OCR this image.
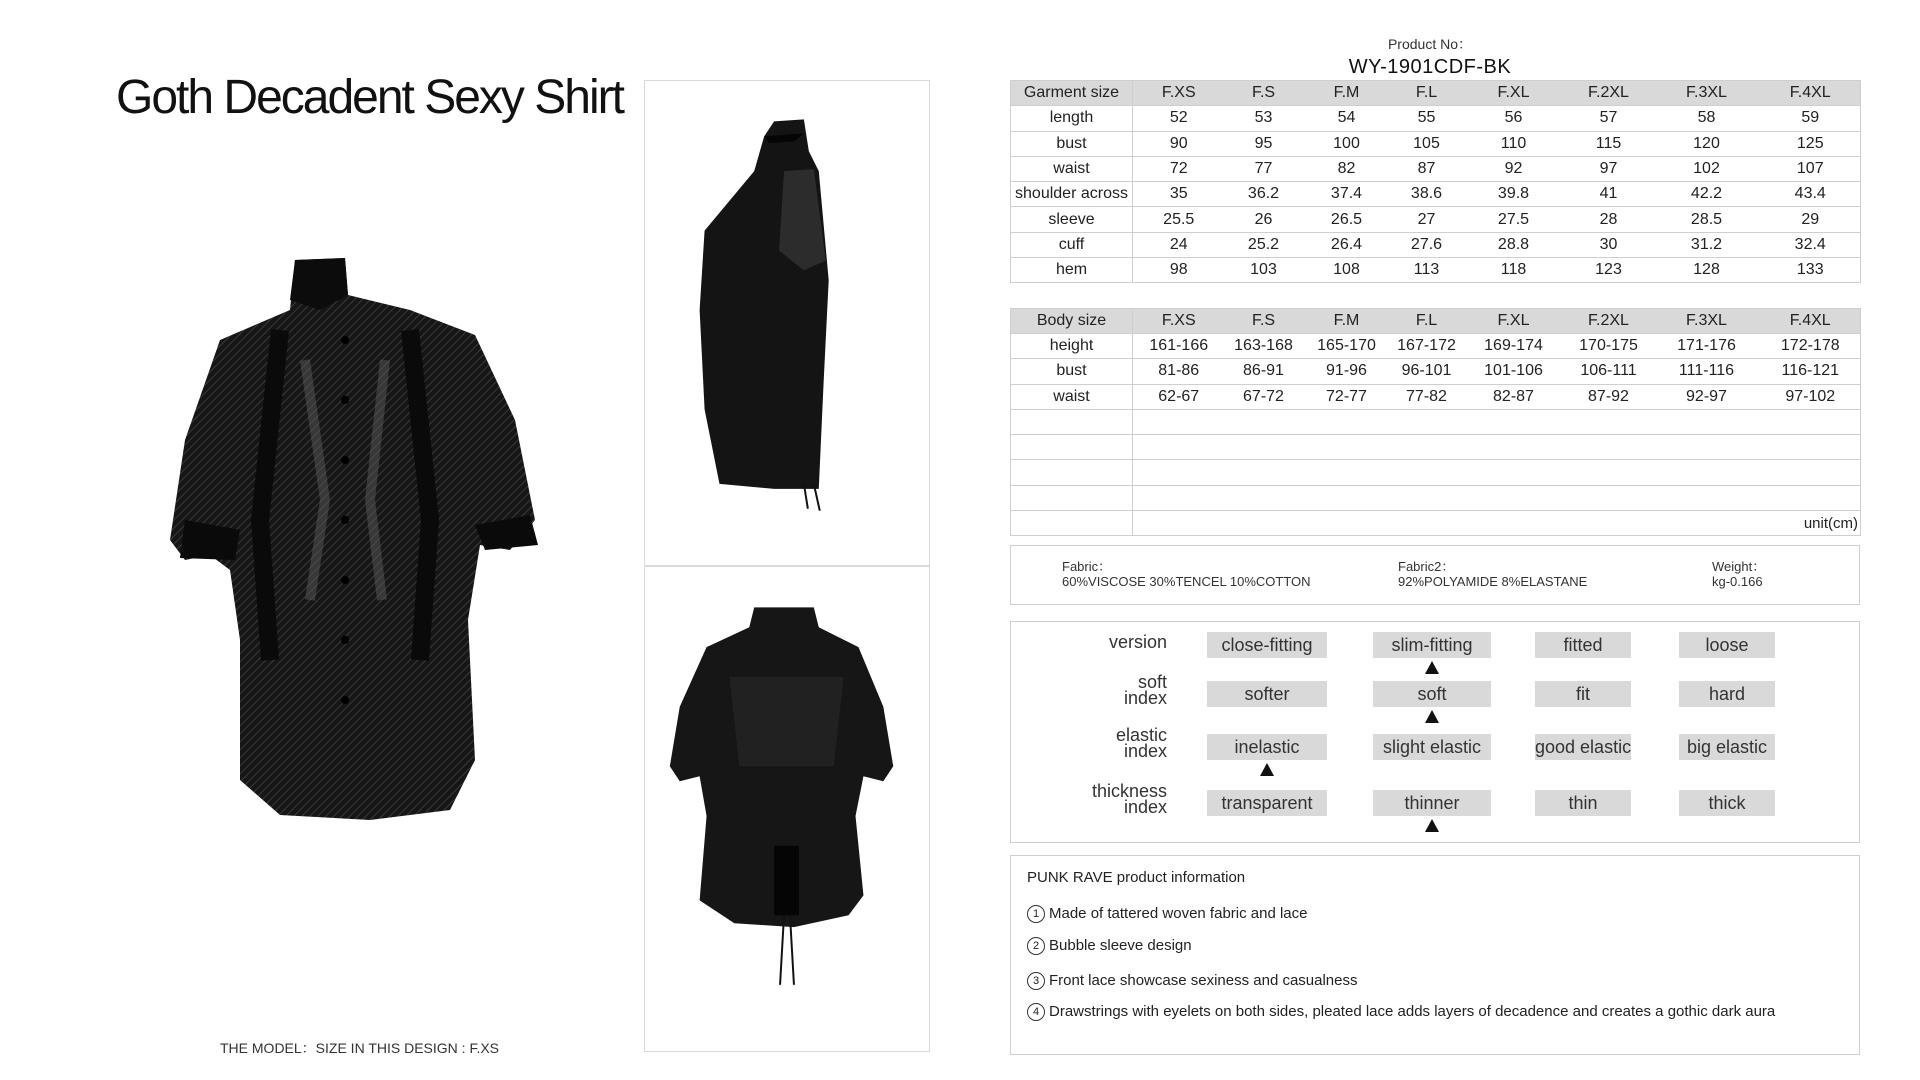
Goth Decadent Sexy Shirt
THE MODEL：SIZE IN THIS DESIGN : F.XS
Product No：
WY-1901CDF-BK
Garment size	F.XS	F.S	F.M	F.L	F.XL	F.2XL	F.3XL	F.4XL
length	52	53	54	55	56	57	58	59
bust	90	95	100	105	110	115	120	125
waist	72	77	82	87	92	97	102	107
shoulder across	35	36.2	37.4	38.6	39.8	41	42.2	43.4
sleeve	25.5	26	26.5	27	27.5	28	28.5	29
cuff	24	25.2	26.4	27.6	28.8	30	31.2	32.4
hem	98	103	108	113	118	123	128	133

Body size	F.XS	F.S	F.M	F.L	F.XL	F.2XL	F.3XL	F.4XL
height	161-166	163-168	165-170	167-172	169-174	170-175	171-176	172-178
bust	81-86	86-91	91-96	96-101	101-106	106-111	111-116	116-121
waist	62-67	67-72	72-77	77-82	82-87	87-92	92-97	97-102

	unit(cm)							
Fabric：
60%VISCOSE 30%TENCEL 10%COTTON
Fabric2：
92%POLYAMIDE 8%ELASTANE
Weight：
kg-0.166
version	close-fitting	slim-fitting	fitted	loose
soft
index	softer	soft	fit	hard
elastic
index	inelastic	slight elastic	good elastic	big elastic
thickness
index	transparent	thinner	thin	thick
PUNK RAVE product information
1 Made of tattered woven fabric and lace
2 Bubble sleeve design
3 Front lace showcase sexiness and casualness
4 Drawstrings with eyelets on both sides, pleated lace adds layers of decadence and creates a gothic dark aura
